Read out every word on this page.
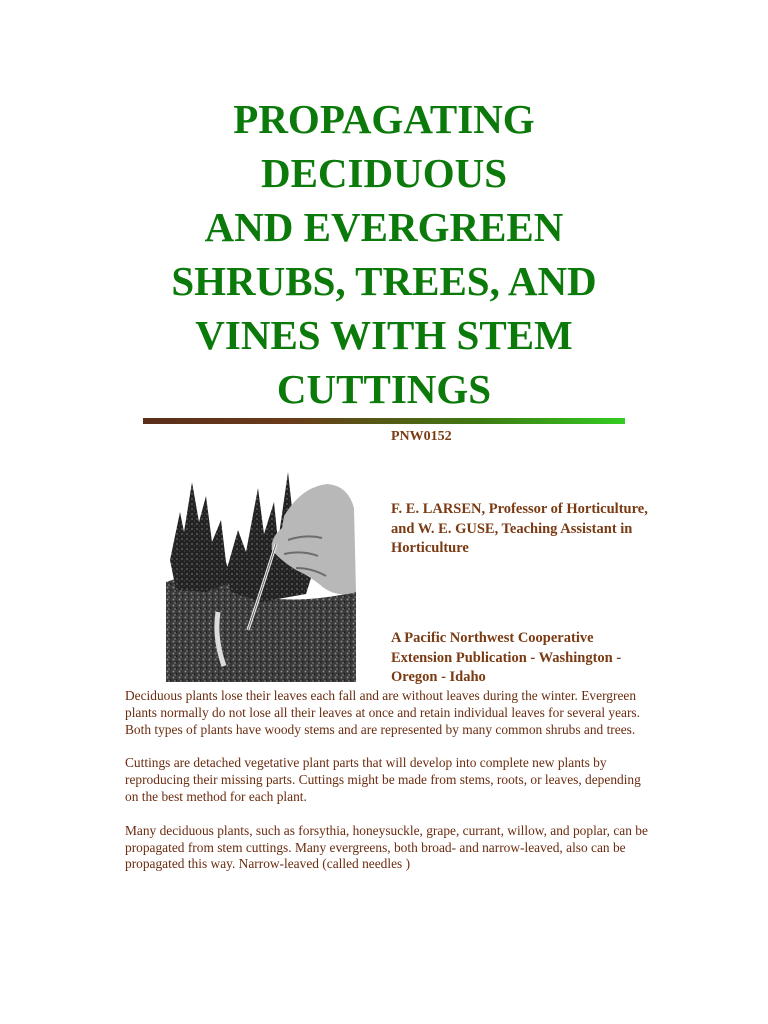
PROPAGATING
DECIDUOUS
AND EVERGREEN
SHRUBS, TREES, AND
VINES WITH STEM
CUTTINGS

PNW0152

F. E. LARSEN, Professor of Horticulture, and W. E. GUSE, Teaching Assistant in Horticulture

A Pacific Northwest Cooperative Extension Publication - Washington - Oregon - Idaho

Deciduous plants lose their leaves each fall and are without leaves during the winter. Evergreen plants normally do not lose all their leaves at once and retain individual leaves for several years. Both types of plants have woody stems and are represented by many common shrubs and trees.

Cuttings are detached vegetative plant parts that will develop into complete new plants by reproducing their missing parts. Cuttings might be made from stems, roots, or leaves, depending on the best method for each plant.

Many deciduous plants, such as forsythia, honeysuckle, grape, currant, willow, and poplar, can be propagated from stem cuttings. Many evergreens, both broad- and narrow-leaved, also can be propagated this way. Narrow-leaved (called needles )
